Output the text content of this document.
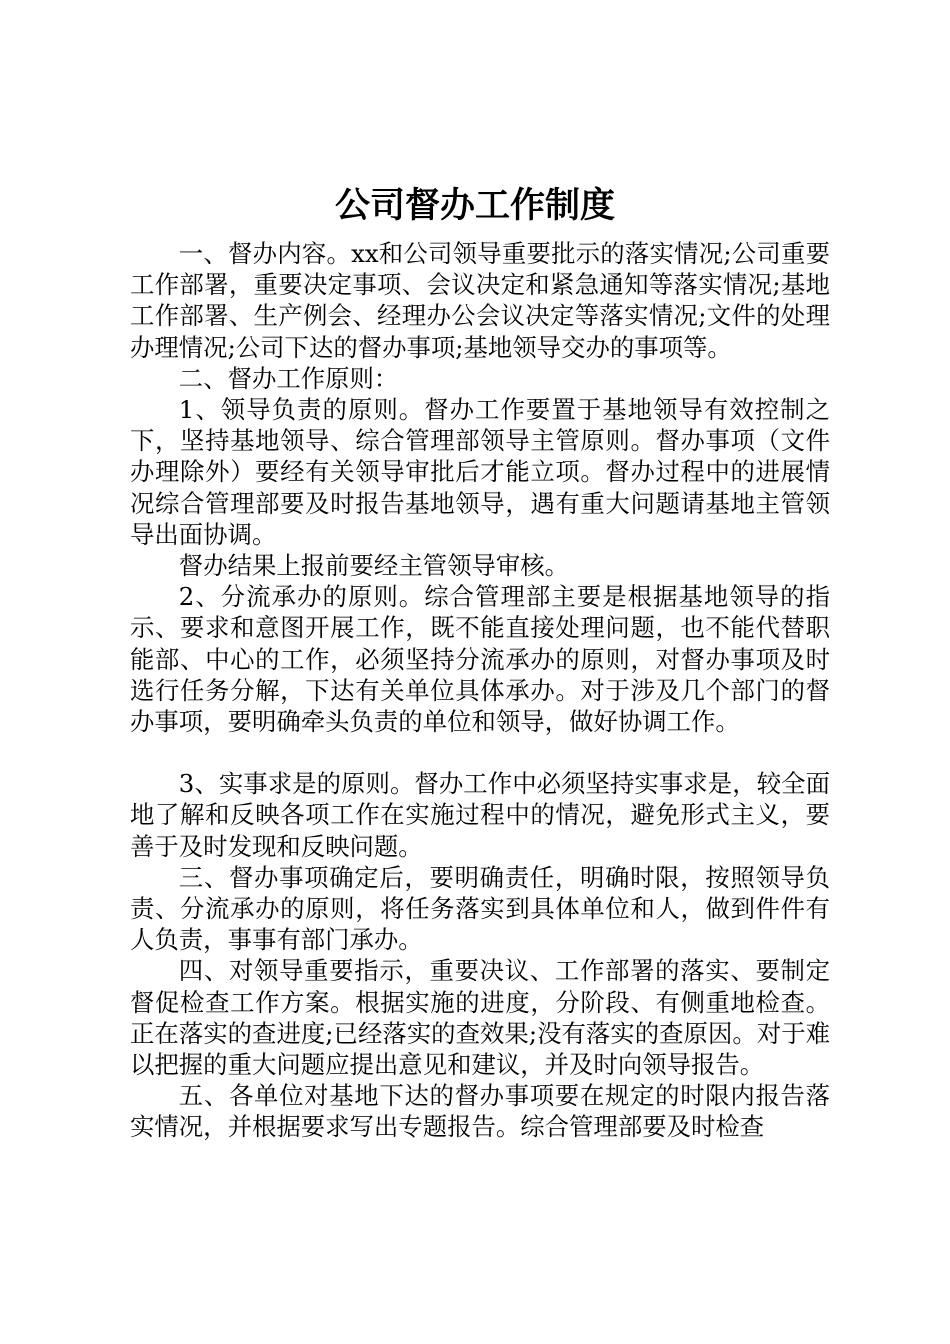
公司督办工作制度

一、督办内容。xx和公司领导重要批示的落实情况;公司重要工作部署，重要决定事项、会议决定和紧急通知等落实情况;基地工作部署、生产例会、经理办公会议决定等落实情况;文件的处理办理情况;公司下达的督办事项;基地领导交办的事项等。

二、督办工作原则：

1、领导负责的原则。督办工作要置于基地领导有效控制之下，坚持基地领导、综合管理部领导主管原则。督办事项（文件办理除外）要经有关领导审批后才能立项。督办过程中的进展情况综合管理部要及时报告基地领导，遇有重大问题请基地主管领导出面协调。

督办结果上报前要经主管领导审核。

2、分流承办的原则。综合管理部主要是根据基地领导的指示、要求和意图开展工作，既不能直接处理问题，也不能代替职能部、中心的工作，必须坚持分流承办的原则，对督办事项及时选行任务分解，下达有关单位具体承办。对于涉及几个部门的督办事项，要明确牵头负责的单位和领导，做好协调工作。

3、实事求是的原则。督办工作中必须坚持实事求是，较全面地了解和反映各项工作在实施过程中的情况，避免形式主义，要善于及时发现和反映问题。

三、督办事项确定后，要明确责任，明确时限，按照领导负责、分流承办的原则，将任务落实到具体单位和人，做到件件有人负责，事事有部门承办。

四、对领导重要指示，重要决议、工作部署的落实、要制定督促检查工作方案。根据实施的进度，分阶段、有侧重地检查。正在落实的查进度;已经落实的查效果;没有落实的查原因。对于难以把握的重大问题应提出意见和建议，并及时向领导报告。

五、各单位对基地下达的督办事项要在规定的时限内报告落实情况，并根据要求写出专题报告。综合管理部要及时检查
